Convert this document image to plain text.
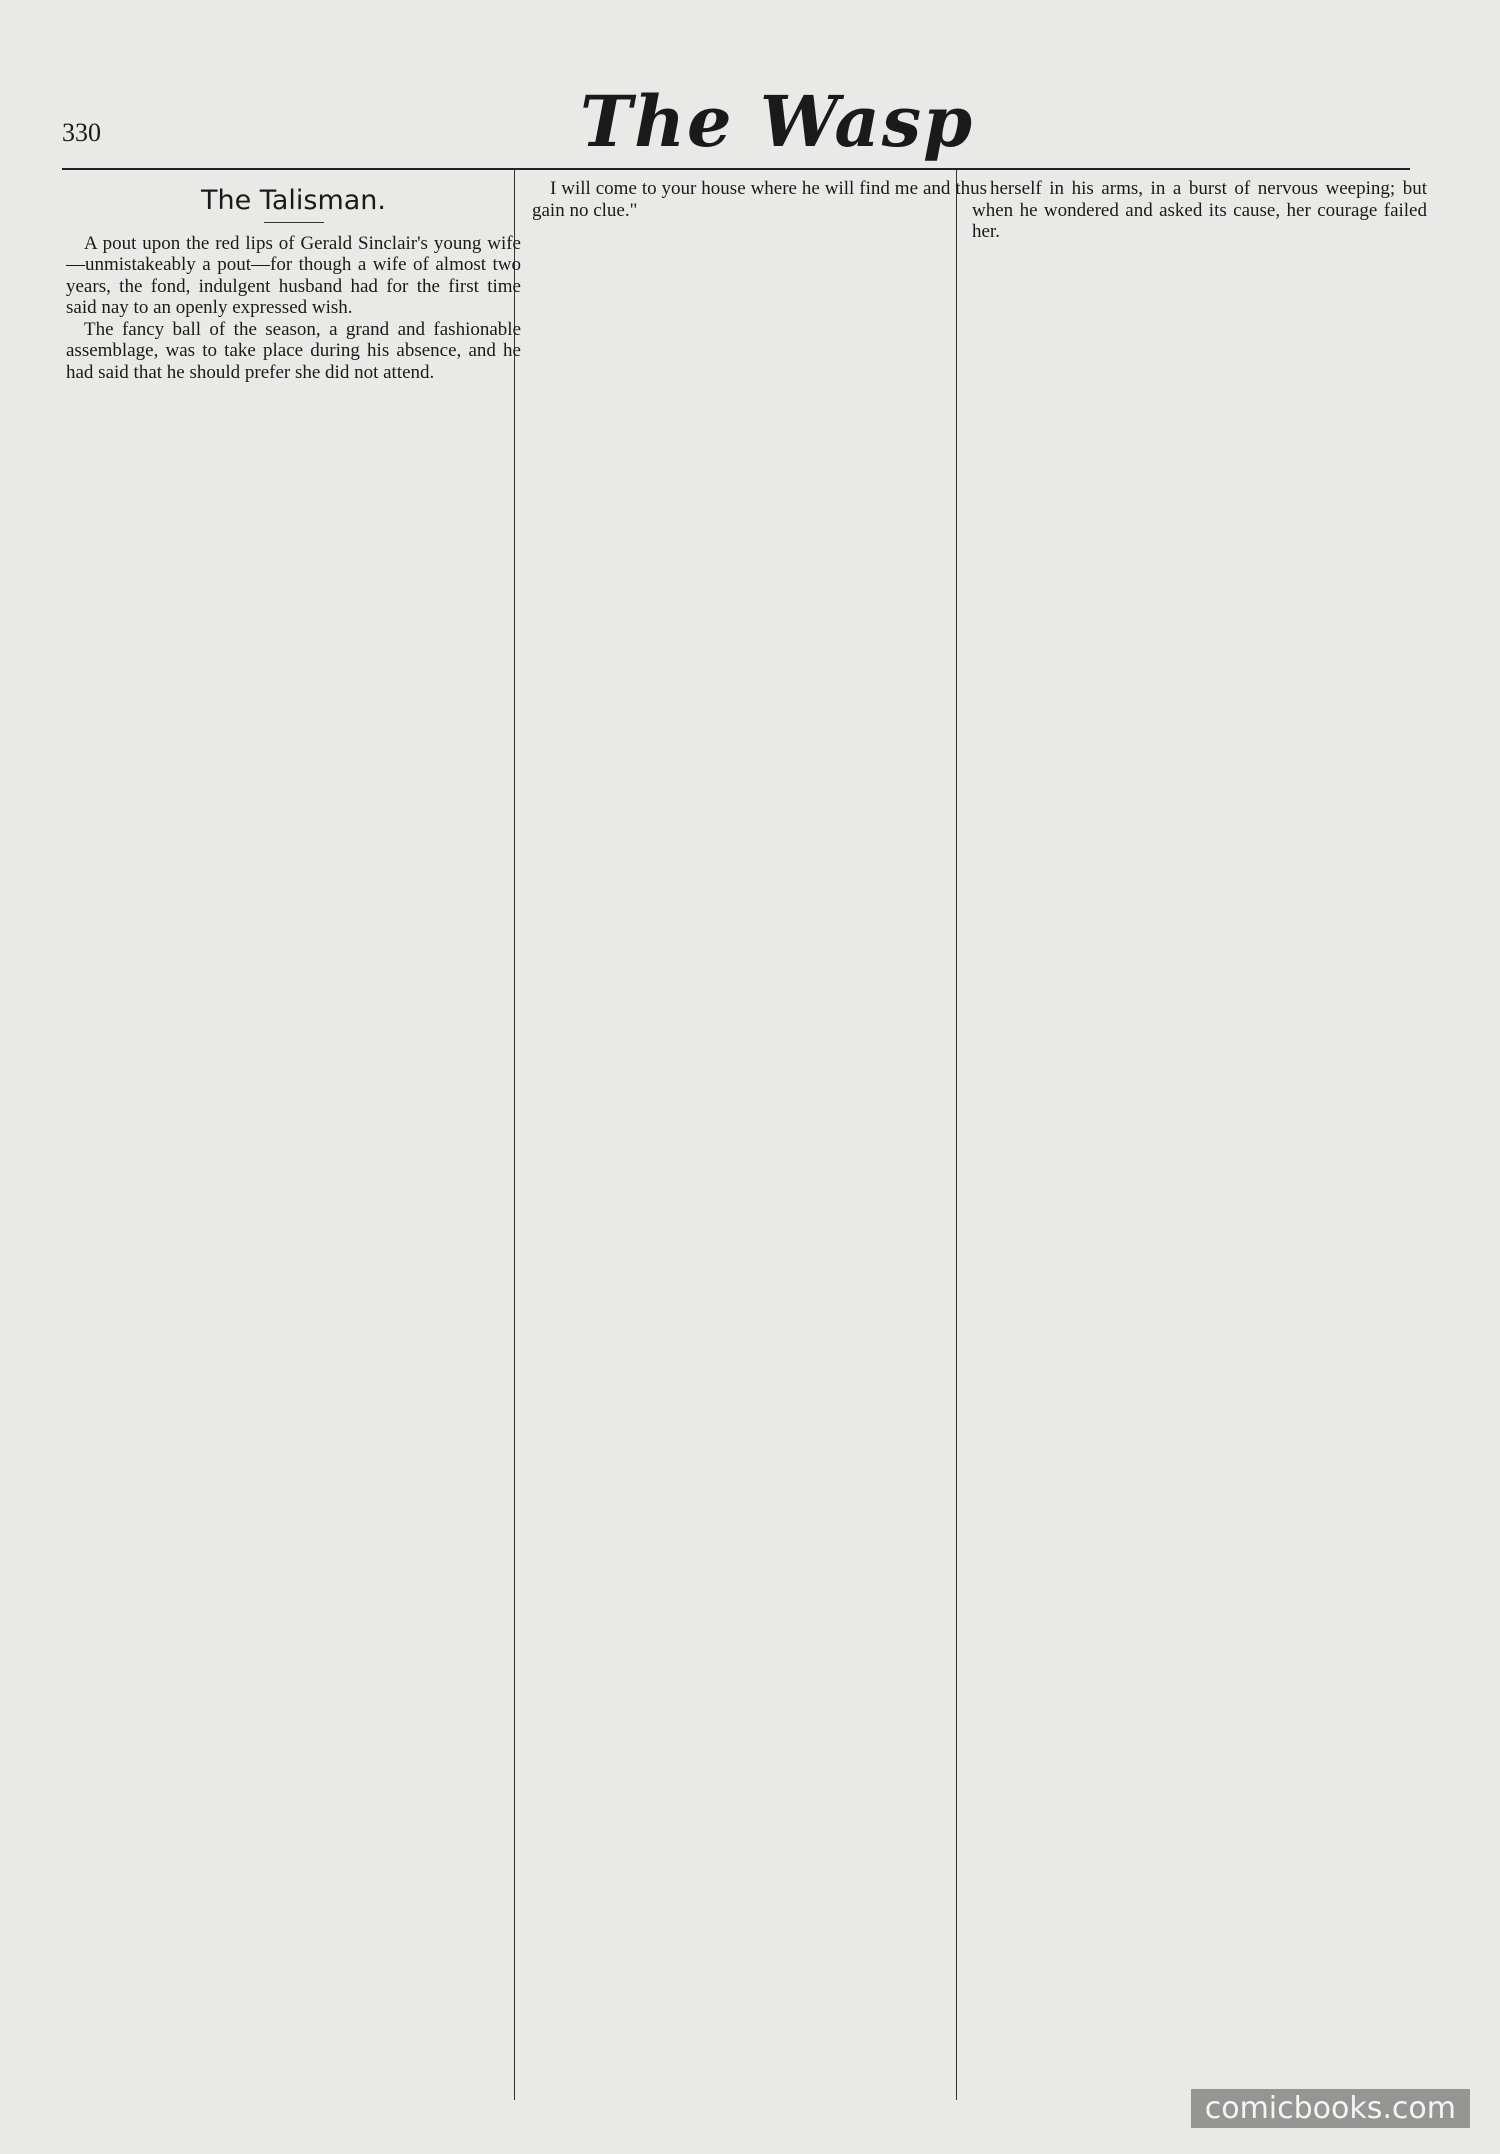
330	The Wasp
The Talisman.

A pout upon the red lips of Gerald Sinclair's young wife—unmistakeably a pout—for though a wife of almost two years, the fond, indulgent husband had for the first time said nay to an openly expressed wish.

The fancy ball of the season, a grand and fashionable assemblage, was to take place during his absence, and he had said that he should prefer she did not attend.

I will come to your house where he will find me and thus gain no clue."

herself in his arms, in a burst of nervous weeping; but when he wondered and asked its cause, her courage failed her.

comicbooks.com
